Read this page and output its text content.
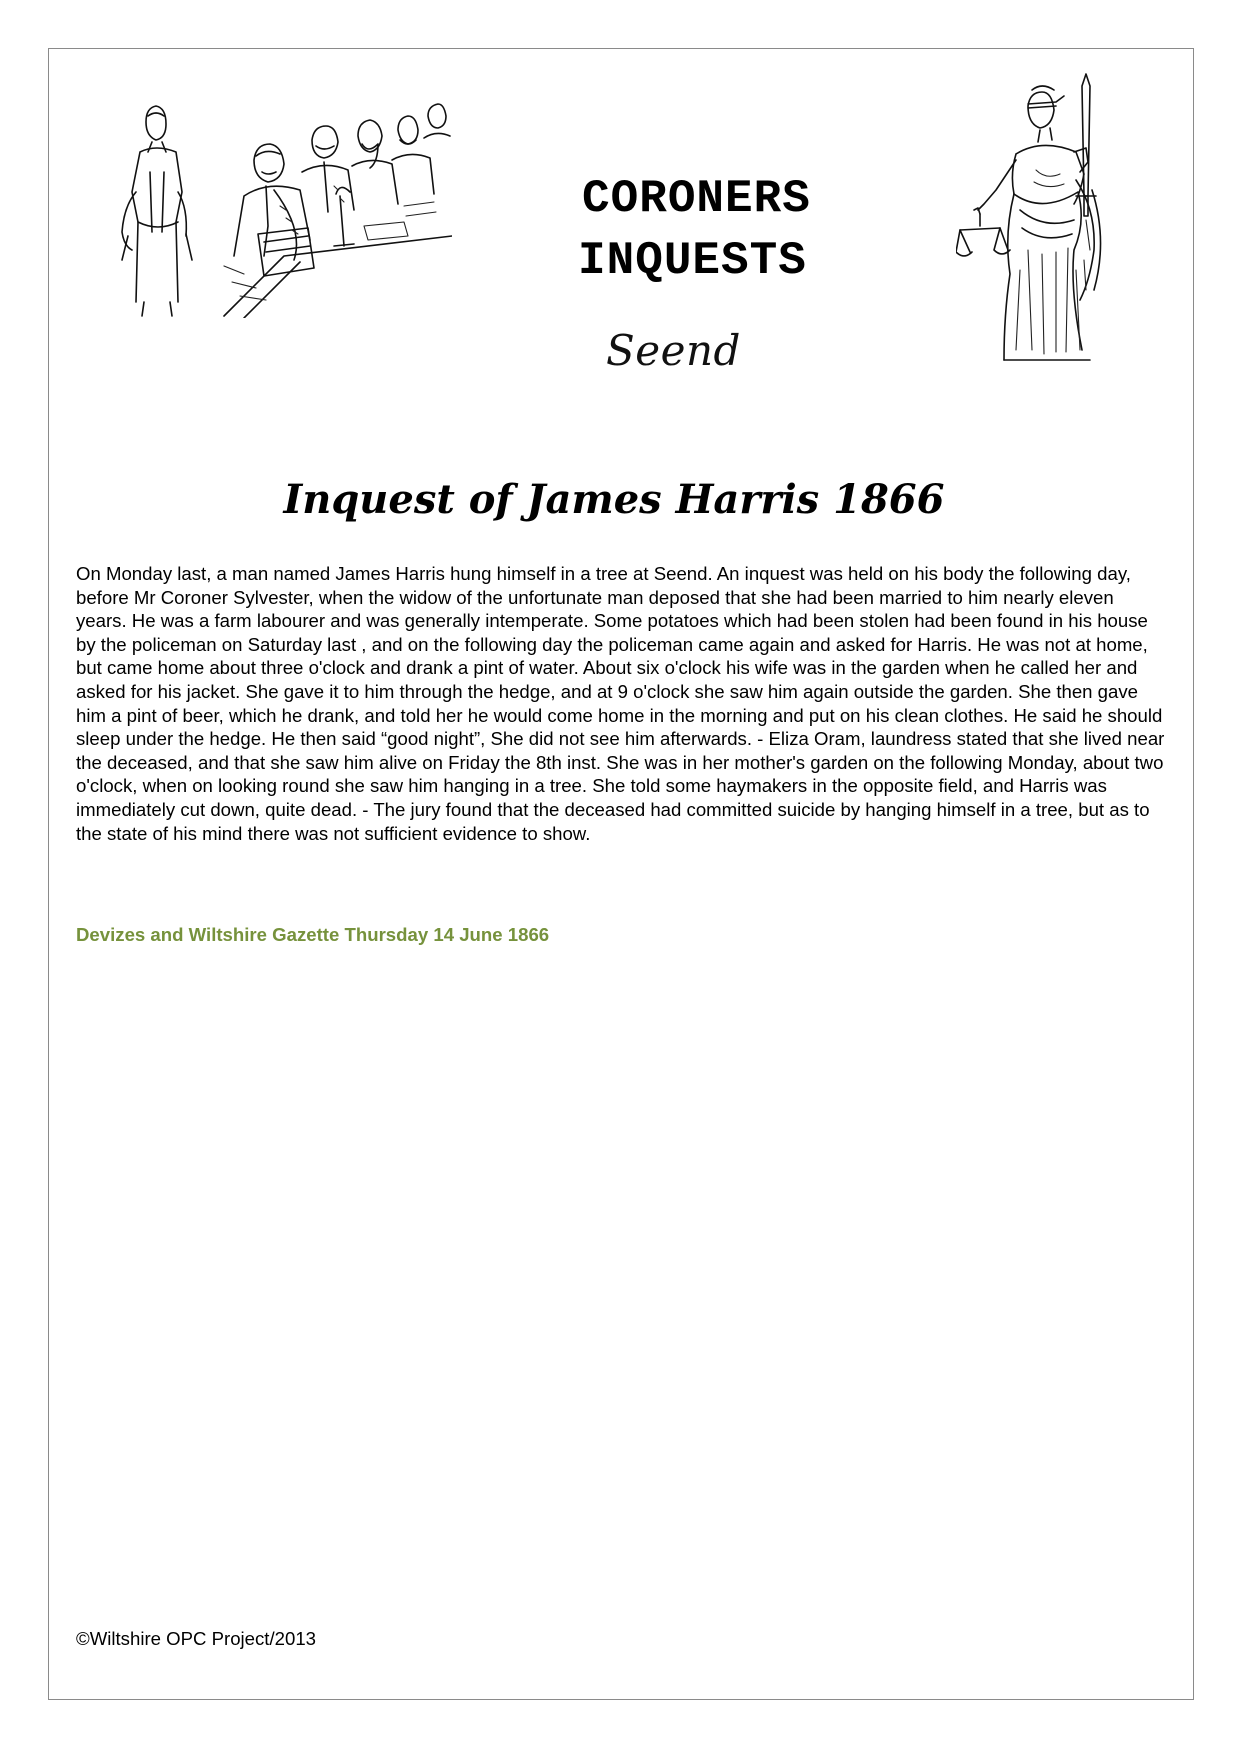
CORONERS
INQUESTS
Seend
Inquest of James Harris 1866

On Monday last, a man named James Harris hung himself in a tree at Seend. An inquest was held on his body the following day, before Mr Coroner Sylvester, when the widow of the unfortunate man deposed that she had been married to him nearly eleven years. He was a farm labourer and was generally intemperate. Some potatoes which had been stolen had been found in his house by the policeman on Saturday last , and on the following day the policeman came again and asked for Harris. He was not at home, but came home about three o'clock and drank a pint of water. About six o'clock his wife was in the garden when he called her and asked for his jacket. She gave it to him through the hedge, and at 9 o'clock she saw him again outside the garden. She then gave him a pint of beer, which he drank, and told her he would come home in the morning and put on his clean clothes. He said he should sleep under the hedge. He then said “good night”, She did not see him afterwards. - Eliza Oram, laundress stated that she lived near the deceased, and that she saw him alive on Friday the 8th inst. She was in her mother's garden on the following Monday, about two o'clock, when on looking round she saw him hanging in a tree. She told some haymakers in the opposite field, and Harris was immediately cut down, quite dead. - The jury found that the deceased had committed suicide by hanging himself in a tree, but as to the state of his mind there was not sufficient evidence to show.

Devizes and Wiltshire Gazette Thursday 14 June 1866
©Wiltshire OPC Project/2013
